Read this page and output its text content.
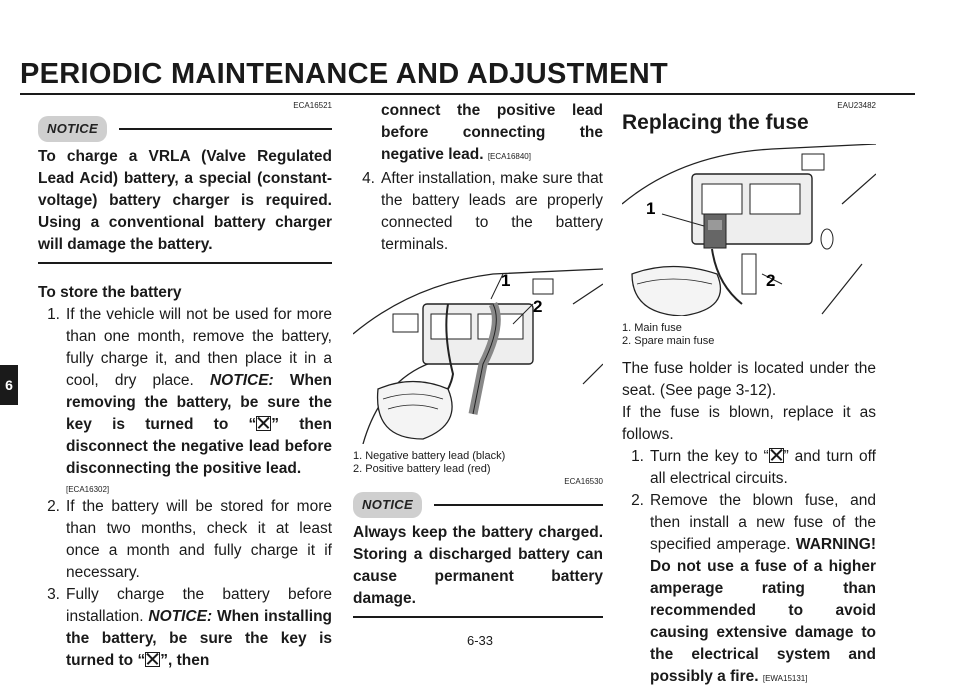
PERIODIC MAINTENANCE AND ADJUSTMENT
6
ECA16521
NOTICE
To charge a VRLA (Valve Regulated Lead Acid) battery, a special (constant-voltage) battery charger is required. Using a conventional battery charger will damage the battery.
To store the battery
1. If the vehicle will not be used for more than one month, remove the battery, fully charge it, and then place it in a cool, dry place. NOTICE: When removing the battery, be sure the key is turned to “ ” then disconnect the negative lead before disconnecting the positive lead.
[ECA16302]
2. If the battery will be stored for more than two months, check it at least once a month and fully charge it if necessary.
3. Fully charge the battery before installation. NOTICE: When installing the battery, be sure the key is turned to “ ”, then
connect the positive lead before connecting the negative lead. [ECA16840]
4. After installation, make sure that the battery leads are properly connected to the battery terminals.
1
2
1. Negative battery lead (black)
2. Positive battery lead (red)
ECA16530
NOTICE
Always keep the battery charged. Storing a discharged battery can cause permanent battery damage.
EAU23482
Replacing the fuse
1
2
1. Main fuse
2. Spare main fuse
The fuse holder is located under the seat. (See page 3-12).
If the fuse is blown, replace it as follows.
1. Turn the key to “ ” and turn off all electrical circuits.
2. Remove the blown fuse, and then install a new fuse of the specified amperage. WARNING! Do not use a fuse of a higher amperage rating than recommended to avoid causing extensive damage to the electrical system and possibly a fire. [EWA15131]
6-33
